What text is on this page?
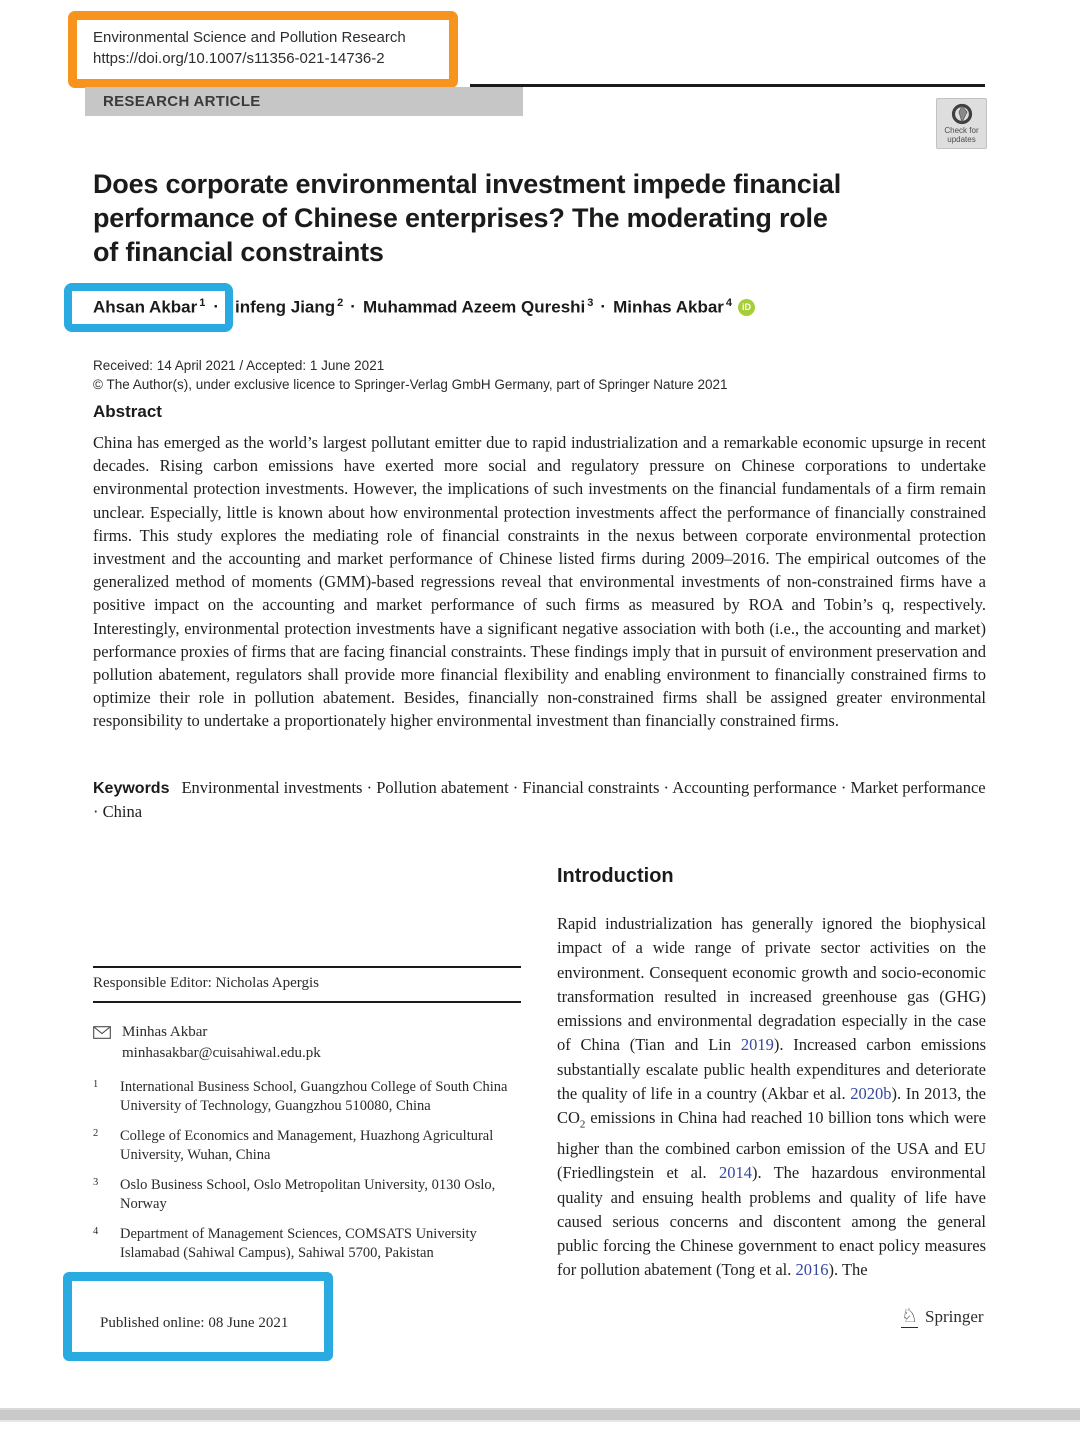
Environmental Science and Pollution Research
https://doi.org/10.1007/s11356-021-14736-2
RESEARCH ARTICLE
Check for
updates
Does corporate environmental investment impede financial
performance of Chinese enterprises? The moderating role
of financial constraints
Ahsan Akbar $^1$ · infeng Jiang $^2$ · Muhammad Azeem Qureshi $^3$ · Minhas Akbar $^4$	iD
Received: 14 April 2021 / Accepted: 1 June 2021
© The Author(s), under exclusive licence to Springer-Verlag GmbH Germany, part of Springer Nature 2021
Abstract
China has emerged as the world’s largest pollutant emitter due to rapid industrialization and a remarkable economic upsurge in recent decades. Rising carbon emissions have exerted more social and regulatory pressure on Chinese corporations to undertake environmental protection investments. However, the implications of such investments on the financial fundamentals of a firm remain unclear. Especially, little is known about how environmental protection investments affect the performance of financially constrained firms. This study explores the mediating role of financial constraints in the nexus between corporate environmental protection investment and the accounting and market performance of Chinese listed firms during 2009–2016. The empirical outcomes of the generalized method of moments (GMM)-based regressions reveal that environmental investments of non-constrained firms have a positive impact on the accounting and market performance of such firms as measured by ROA and Tobin’s q, respectively. Interestingly, environmental protection investments have a significant negative association with both (i.e., the accounting and market) performance proxies of firms that are facing financial constraints. These findings imply that in pursuit of environment preservation and pollution abatement, regulators shall provide more financial flexibility and enabling environment to financially constrained firms to optimize their role in pollution abatement. Besides, financially non-constrained firms shall be assigned greater environmental responsibility to undertake a proportionately higher environmental investment than financially constrained firms.
Keywords Environmental investments · Pollution abatement · Financial constraints · Accounting performance · Market performance · China
Responsible Editor: Nicholas Apergis
Minhas Akbar
minhasakbar@cuisahiwal.edu.pk
1	International Business School, Guangzhou College of South China University of Technology, Guangzhou 510080, China
2	College of Economics and Management, Huazhong Agricultural University, Wuhan, China
3	Oslo Business School, Oslo Metropolitan University, 0130 Oslo, Norway
4	Department of Management Sciences, COMSATS University Islamabad (Sahiwal Campus), Sahiwal 5700, Pakistan
Published online: 08 June 2021
Introduction

Rapid industrialization has generally ignored the biophysical impact of a wide range of private sector activities on the environment. Consequent economic growth and socio-economic transformation resulted in increased greenhouse gas (GHG) emissions and environmental degradation especially in the case of China (Tian and Lin 2019). Increased carbon emissions substantially escalate public health expenditures and deteriorate the quality of life in a country (Akbar et al. 2020b). In 2013, the $CO_2$ emissions in China had reached 10 billion tons which were higher than the combined carbon emission of the USA and EU (Friedlingstein et al. 2014). The hazardous environmental quality and ensuing health problems and quality of life have caused serious concerns and discontent among the general public forcing the Chinese government to enact policy measures for pollution abatement (Tong et al. 2016). The

♘ Springer
